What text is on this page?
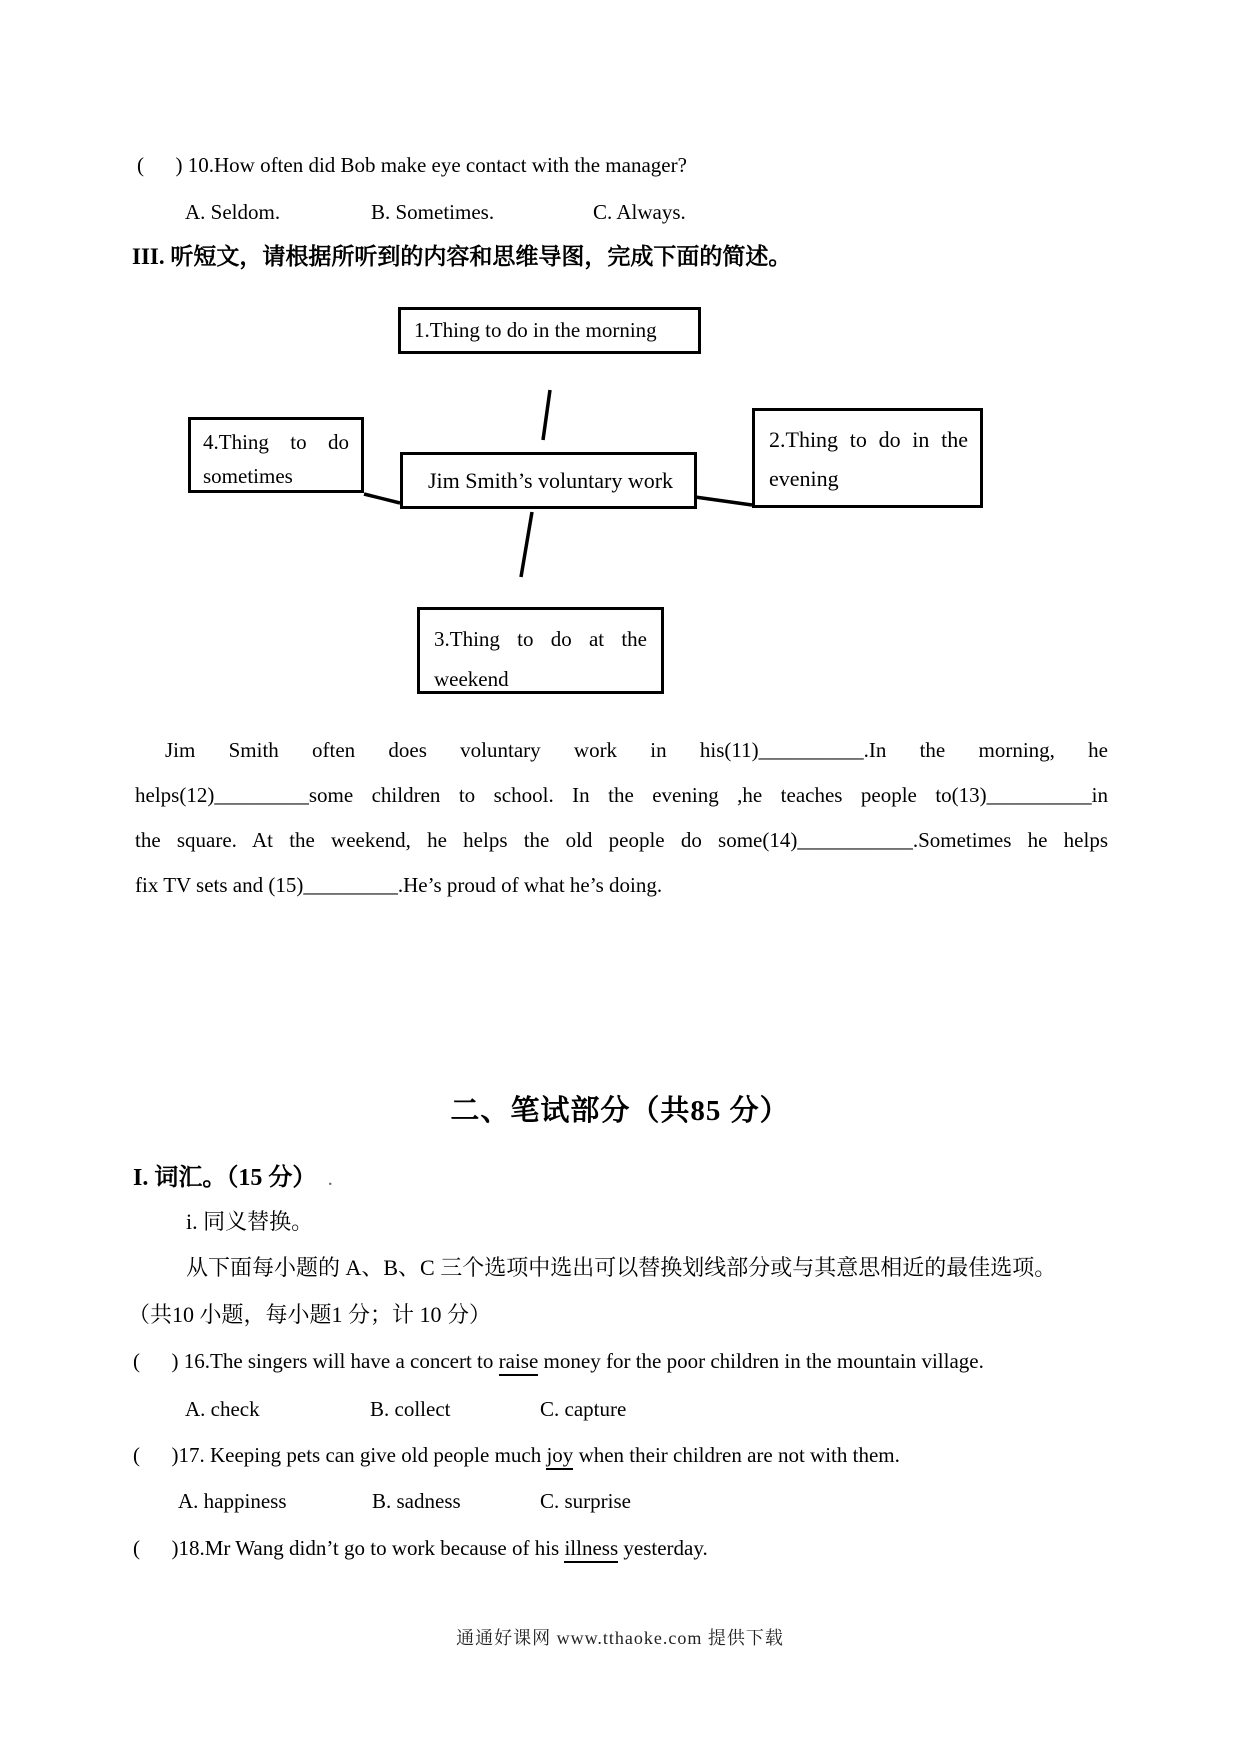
(      ) 10.How often did Bob make eye contact with the manager?
A. Seldom.	B. Sometimes.	C. Always.
III. 听短文，请根据所听到的内容和思维导图，完成下面的简述。
1.Thing to do in the morning
4.Thing to do sometimes	Jim Smith’s voluntary work
2.Thing to do in the evening
3.Thing to do at the weekend
Jim Smith often does voluntary work in his(11)__________.In the morning, he
helps(12)_________some children to school. In the evening ,he teaches people to(13)__________in
the square. At the weekend, he helps the old people do some(14)___________.Sometimes he helps
fix TV sets and (15)_________.He’s proud of what he’s doing.
二、笔试部分（共85 分）
I. 词汇。（15 分） .
i. 同义替换。
从下面每小题的 A、B、C 三个选项中选出可以替换划线部分或与其意思相近的最佳选项。
（共10 小题，每小题1 分；计 10 分）
(      ) 16.The singers will have a concert to raise money for the poor children in the mountain village.
A. check	B. collect	C. capture
(      )17. Keeping pets can give old people much joy when their children are not with them.
A. happiness	B. sadness	C. surprise
(      )18.Mr Wang didn’t go to work because of his illness yesterday.
通通好课网 www.tthaoke.com 提供下载
